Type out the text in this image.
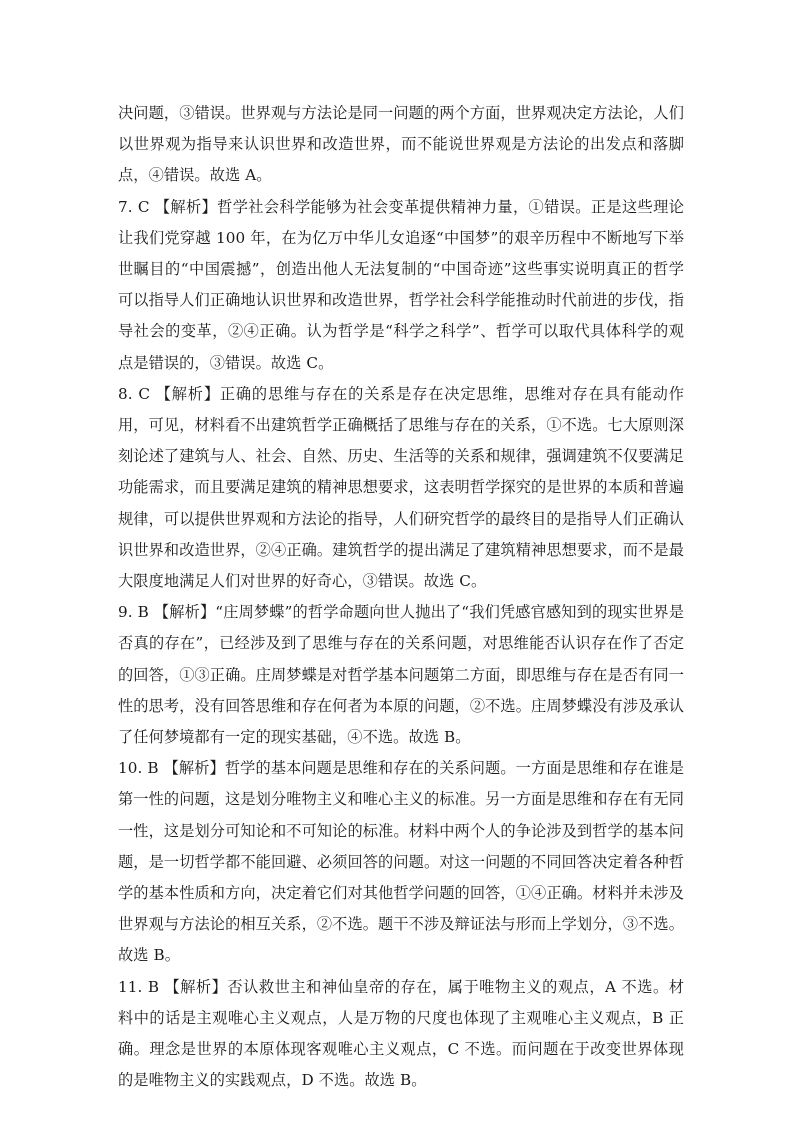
决问题，③错误。世界观与方法论是同一问题的两个方面，世界观决定方法论，人们以世界观为指导来认识世界和改造世界，而不能说世界观是方法论的出发点和落脚点，④错误。故选 A。

7. C 【解析】哲学社会科学能够为社会变革提供精神力量，①错误。正是这些理论让我们党穿越 100 年，在为亿万中华儿女追逐“中国梦”的艰辛历程中不断地写下举世瞩目的“中国震撼”，创造出他人无法复制的“中国奇迹”这些事实说明真正的哲学可以指导人们正确地认识世界和改造世界，哲学社会科学能推动时代前进的步伐，指导社会的变革，②④正确。认为哲学是“科学之科学”、哲学可以取代具体科学的观点是错误的，③错误。故选 C。

8. C 【解析】正确的思维与存在的关系是存在决定思维，思维对存在具有能动作用，可见，材料看不出建筑哲学正确概括了思维与存在的关系，①不选。七大原则深刻论述了建筑与人、社会、自然、历史、生活等的关系和规律，强调建筑不仅要满足功能需求，而且要满足建筑的精神思想要求，这表明哲学探究的是世界的本质和普遍规律，可以提供世界观和方法论的指导，人们研究哲学的最终目的是指导人们正确认识世界和改造世界，②④正确。建筑哲学的提出满足了建筑精神思想要求，而不是最大限度地满足人们对世界的好奇心，③错误。故选 C。

9. B 【解析】“庄周梦蝶”的哲学命题向世人抛出了“我们凭感官感知到的现实世界是否真的存在”，已经涉及到了思维与存在的关系问题，对思维能否认识存在作了否定的回答，①③正确。庄周梦蝶是对哲学基本问题第二方面，即思维与存在是否有同一性的思考，没有回答思维和存在何者为本原的问题，②不选。庄周梦蝶没有涉及承认了任何梦境都有一定的现实基础，④不选。故选 B。

10. B 【解析】哲学的基本问题是思维和存在的关系问题。一方面是思维和存在谁是第一性的问题，这是划分唯物主义和唯心主义的标准。另一方面是思维和存在有无同一性，这是划分可知论和不可知论的标准。材料中两个人的争论涉及到哲学的基本问题，是一切哲学都不能回避、必须回答的问题。对这一问题的不同回答决定着各种哲学的基本性质和方向，决定着它们对其他哲学问题的回答，①④正确。材料并未涉及世界观与方法论的相互关系，②不选。题干不涉及辩证法与形而上学划分，③不选。故选 B。

11. B 【解析】否认救世主和神仙皇帝的存在，属于唯物主义的观点，A 不选。材料中的话是主观唯心主义观点，人是万物的尺度也体现了主观唯心主义观点，B 正确。理念是世界的本原体现客观唯心主义观点，C 不选。而问题在于改变世界体现的是唯物主义的实践观点，D 不选。故选 B。
